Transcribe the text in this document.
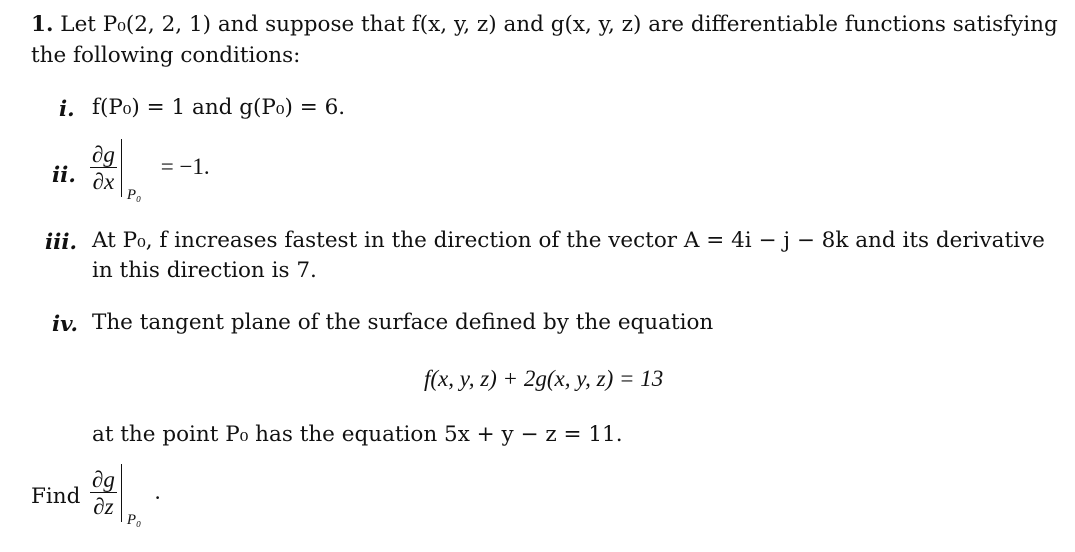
1. Let P₀(2, 2, 1) and suppose that f(x, y, z) and g(x, y, z) are differentiable functions satisfying
the following conditions:
i. f(P₀) = 1 and g(P₀) = 6.
ii. $\frac{\partial g}{\partial x}$
P₀
= −1.
iii. At P₀, f increases fastest in the direction of the vector A = 4i − j − 8k and its derivative
in this direction is 7.
iv. The tangent plane of the surface defined by the equation
f(x, y, z) + 2g(x, y, z) = 13
at the point P₀ has the equation 5x + y − z = 11.
Find $\frac{\partial g}{\partial z}$
P₀
.
